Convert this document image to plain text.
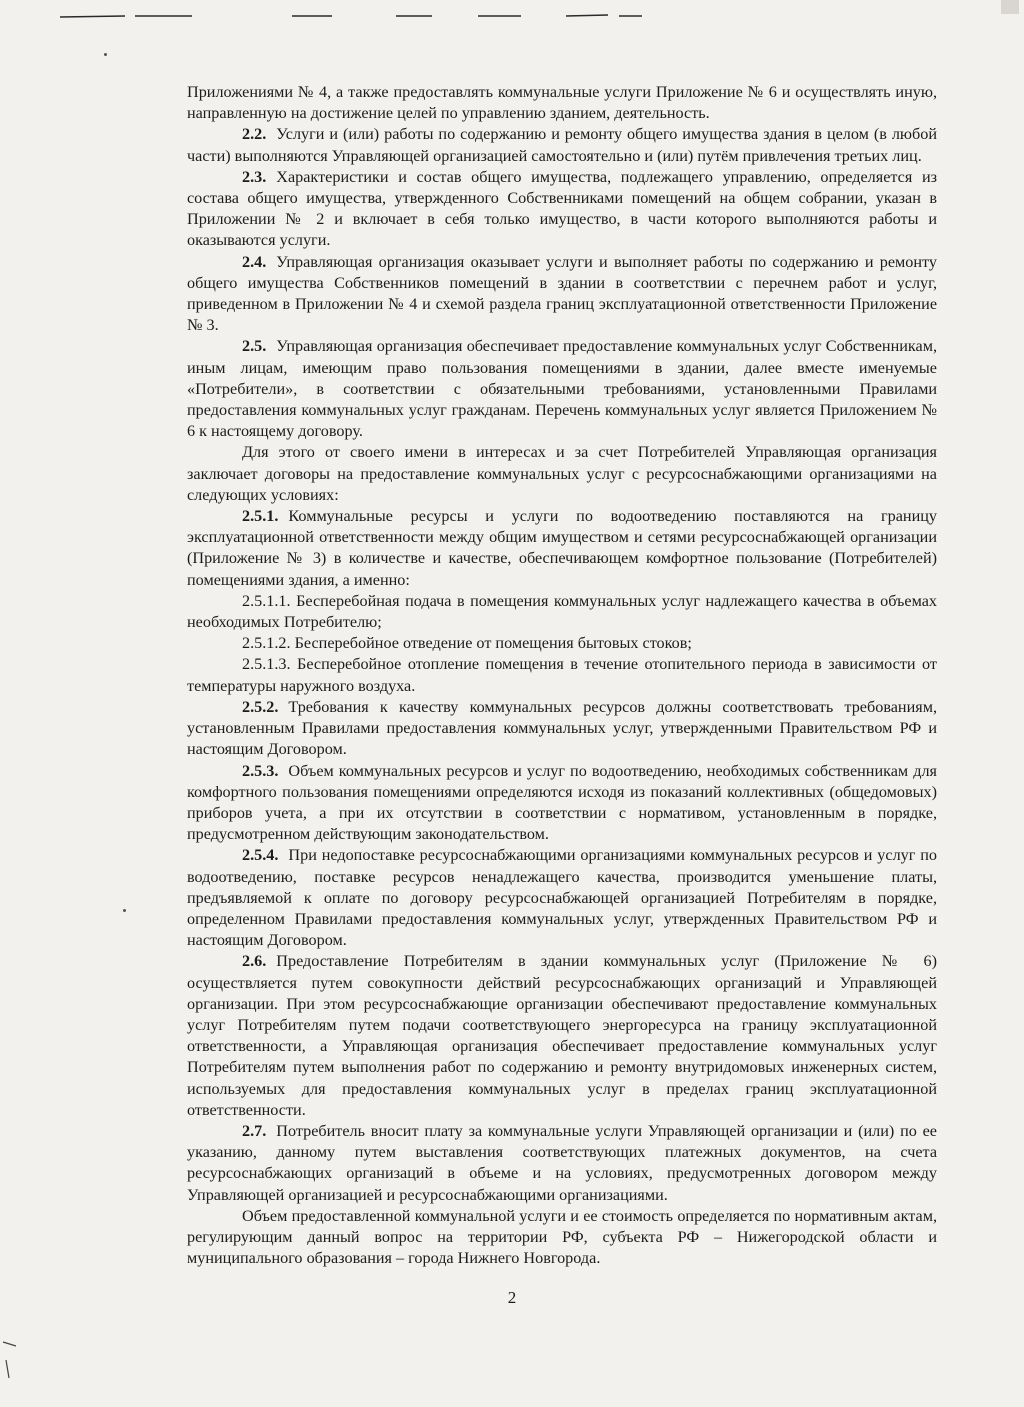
Приложениями № 4, а также предоставлять коммунальные услуги Приложение № 6 и осуществлять иную, направленную на достижение целей по управлению зданием, деятельность.

2.2. Услуги и (или) работы по содержанию и ремонту общего имущества здания в целом (в любой части) выполняются Управляющей организацией самостоятельно и (или) путём привлечения третьих лиц.

2.3. Характеристики и состав общего имущества, подлежащего управлению, определяется из состава общего имущества, утвержденного Собственниками помещений на общем собрании, указан в Приложении № 2 и включает в себя только имущество, в части которого выполняются работы и оказываются услуги.

2.4. Управляющая организация оказывает услуги и выполняет работы по содержанию и ремонту общего имущества Собственников помещений в здании в соответствии с перечнем работ и услуг, приведенном в Приложении № 4 и схемой раздела границ эксплуатационной ответственности Приложение № 3.

2.5. Управляющая организация обеспечивает предоставление коммунальных услуг Собственникам, иным лицам, имеющим право пользования помещениями в здании, далее вместе именуемые «Потребители», в соответствии с обязательными требованиями, установленными Правилами предоставления коммунальных услуг гражданам. Перечень коммунальных услуг является Приложением № 6 к настоящему договору.

Для этого от своего имени в интересах и за счет Потребителей Управляющая организация заключает договоры на предоставление коммунальных услуг с ресурсоснабжающими организациями на следующих условиях:

2.5.1. Коммунальные ресурсы и услуги по водоотведению поставляются на границу эксплуатационной ответственности между общим имуществом и сетями ресурсоснабжающей организации (Приложение № 3) в количестве и качестве, обеспечивающем комфортное пользование (Потребителей) помещениями здания, а именно:

2.5.1.1. Бесперебойная подача в помещения коммунальных услуг надлежащего качества в объемах необходимых Потребителю;

2.5.1.2. Бесперебойное отведение от помещения бытовых стоков;

2.5.1.3. Бесперебойное отопление помещения в течение отопительного периода в зависимости от температуры наружного воздуха.

2.5.2. Требования к качеству коммунальных ресурсов должны соответствовать требованиям, установленным Правилами предоставления коммунальных услуг, утвержденными Правительством РФ и настоящим Договором.

2.5.3. Объем коммунальных ресурсов и услуг по водоотведению, необходимых собственникам для комфортного пользования помещениями определяются исходя из показаний коллективных (общедомовых) приборов учета, а при их отсутствии в соответствии с нормативом, установленным в порядке, предусмотренном действующим законодательством.

2.5.4. При недопоставке ресурсоснабжающими организациями коммунальных ресурсов и услуг по водоотведению, поставке ресурсов ненадлежащего качества, производится уменьшение платы, предъявляемой к оплате по договору ресурсоснабжающей организацией Потребителям в порядке, определенном Правилами предоставления коммунальных услуг, утвержденных Правительством РФ и настоящим Договором.

2.6. Предоставление Потребителям в здании коммунальных услуг (Приложение № 6) осуществляется путем совокупности действий ресурсоснабжающих организаций и Управляющей организации. При этом ресурсоснабжающие организации обеспечивают предоставление коммунальных услуг Потребителям путем подачи соответствующего энергоресурса на границу эксплуатационной ответственности, а Управляющая организация обеспечивает предоставление коммунальных услуг Потребителям путем выполнения работ по содержанию и ремонту внутридомовых инженерных систем, используемых для предоставления коммунальных услуг в пределах границ эксплуатационной ответственности.

2.7. Потребитель вносит плату за коммунальные услуги Управляющей организации и (или) по ее указанию, данному путем выставления соответствующих платежных документов, на счета ресурсоснабжающих организаций в объеме и на условиях, предусмотренных договором между Управляющей организацией и ресурсоснабжающими организациями.

Объем предоставленной коммунальной услуги и ее стоимость определяется по нормативным актам, регулирующим данный вопрос на территории РФ, субъекта РФ – Нижегородской области и муниципального образования – города Нижнего Новгорода.

2
